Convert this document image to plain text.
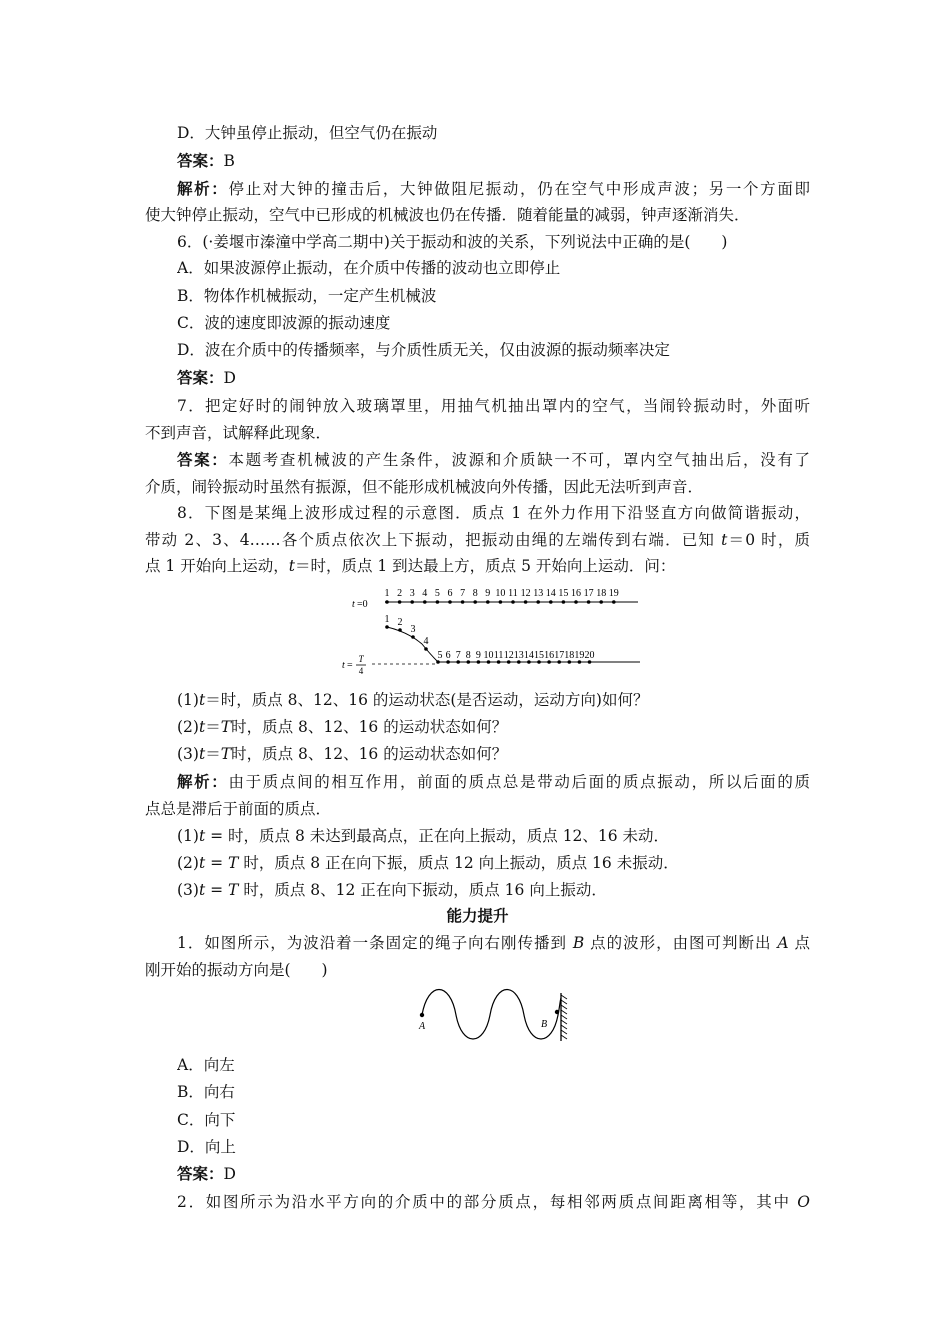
D．大钟虽停止振动，但空气仍在振动
答案：B
解析：停止对大钟的撞击后，大钟做阻尼振动，仍在空气中形成声波；另一个方面即
使大钟停止振动，空气中已形成的机械波也仍在传播．随着能量的减弱，钟声逐渐消失．
6．(·姜堰市溱潼中学高二期中)关于振动和波的关系，下列说法中正确的是(　　)
A．如果波源停止振动，在介质中传播的波动也立即停止
B．物体作机械振动，一定产生机械波
C．波的速度即波源的振动速度
D．波在介质中的传播频率，与介质性质无关，仅由波源的振动频率决定
答案：D
7．把定好时的闹钟放入玻璃罩里，用抽气机抽出罩内的空气，当闹铃振动时，外面听
不到声音，试解释此现象．
答案：本题考查机械波的产生条件，波源和介质缺一不可，罩内空气抽出后，没有了
介质，闹铃振动时虽然有振源，但不能形成机械波向外传播，因此无法听到声音．
8．下图是某绳上波形成过程的示意图．质点 1 在外力作用下沿竖直方向做简谐振动，
带动 2、3、4……各个质点依次上下振动，把振动由绳的左端传到右端．已知 t＝0 时，质
点 1 开始向上运动，t＝时，质点 1 到达最上方，质点 5 开始向上运动．问：
t =0
1 2 3 4 5 6 7 8 9 10 11 12 13 14 15 16 17 18 19
t =
T
4
1 2
3
4
5 6 7 8 9 10 11 12 13 14 15 16 17 18 19 20
(1)t＝时，质点 8、12、16 的运动状态(是否运动，运动方向)如何？
(2)t＝T时，质点 8、12、16 的运动状态如何？
(3)t＝T时，质点 8、12、16 的运动状态如何？
解析：由于质点间的相互作用，前面的质点总是带动后面的质点振动，所以后面的质
点总是滞后于前面的质点．
(1)t = 时，质点 8 未达到最高点，正在向上振动，质点 12、16 未动．
(2)t = T 时，质点 8 正在向下振，质点 12 向上振动，质点 16 未振动．
(3)t = T 时，质点 8、12 正在向下振动，质点 16 向上振动．
能力提升
1．如图所示，为波沿着一条固定的绳子向右刚传播到 B 点的波形，由图可判断出 A 点
刚开始的振动方向是(　　)
A	B
A．向左
B．向右
C．向下
D．向上
答案：D
2．如图所示为沿水平方向的介质中的部分质点，每相邻两质点间距离相等，其中 O
